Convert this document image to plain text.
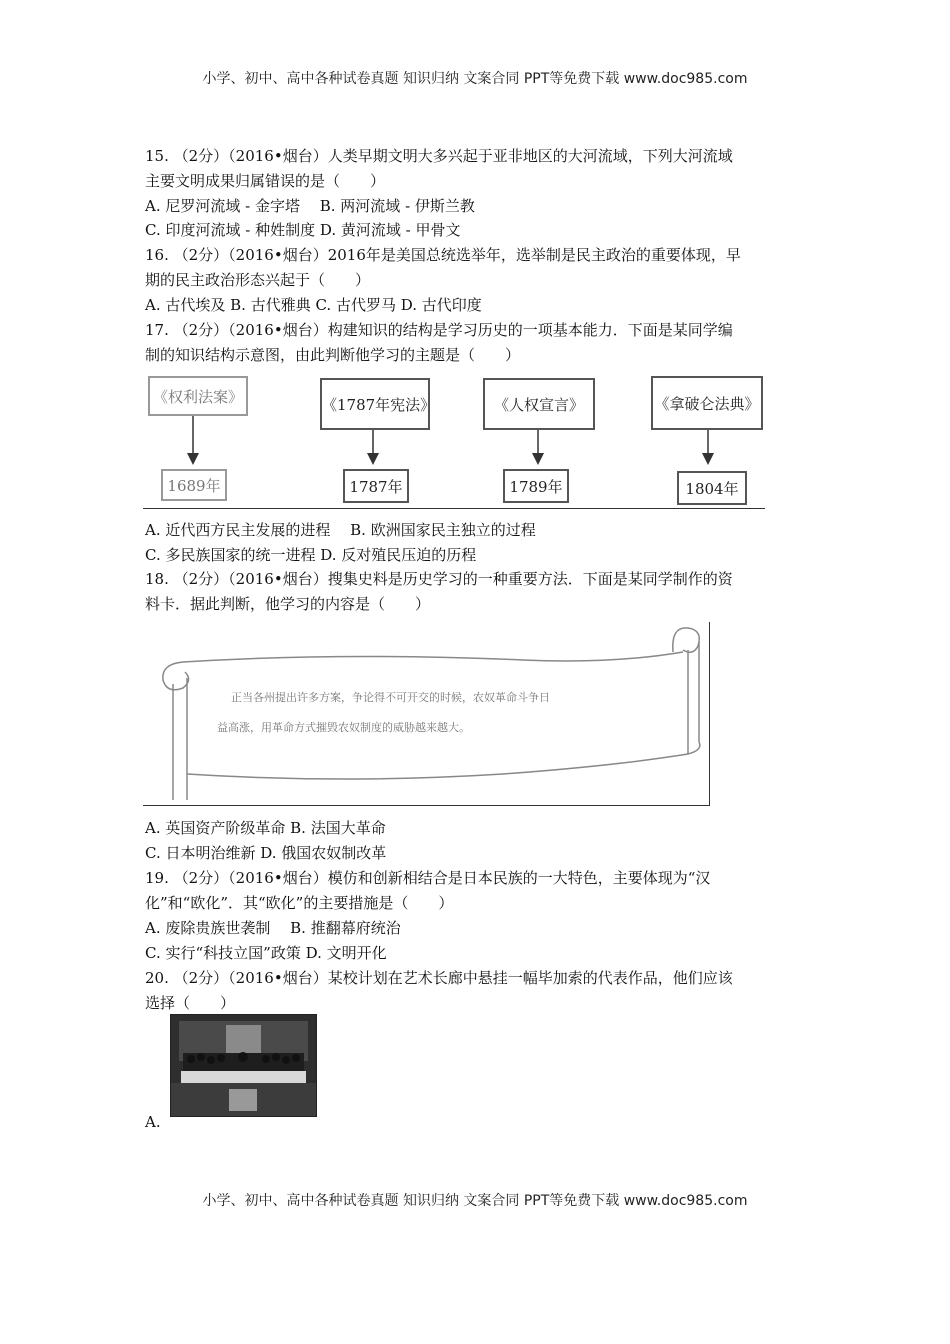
小学、初中、高中各种试卷真题 知识归纳 文案合同 PPT等免费下载 www.doc985.com
15. （2分）（2016•烟台）人类早期文明大多兴起于亚非地区的大河流域，下列大河流域
主要文明成果归属错误的是（　　）
A. 尼罗河流域 - 金字塔　 B. 两河流域 - 伊斯兰教
C. 印度河流域 - 种姓制度 D. 黄河流域 - 甲骨文
16. （2分）（2016•烟台）2016年是美国总统选举年，选举制是民主政治的重要体现，早
期的民主政治形态兴起于（　　）
A. 古代埃及 B. 古代雅典 C. 古代罗马 D. 古代印度
17. （2分）（2016•烟台）构建知识的结构是学习历史的一项基本能力．下面是某同学编
制的知识结构示意图，由此判断他学习的主题是（　　）
《权利法案》	《1787年宪法》	《人权宣言》	《拿破仑法典》
1689年	1787年	1789年	1804年
A. 近代西方民主发展的进程　 B. 欧洲国家民主独立的过程
C. 多民族国家的统一进程 D. 反对殖民压迫的历程
18. （2分）（2016•烟台）搜集史料是历史学习的一种重要方法．下面是某同学制作的资
料卡．据此判断，他学习的内容是（　　）
正当各州提出许多方案，争论得不可开交的时候，农奴革命斗争日
益高涨，用革命方式摧毁农奴制度的威胁越来越大。
A. 英国资产阶级革命 B. 法国大革命
C. 日本明治维新 D. 俄国农奴制改革
19. （2分）（2016•烟台）模仿和创新相结合是日本民族的一大特色，主要体现为“汉
化”和“欧化”．其“欧化”的主要措施是（　　）
A. 废除贵族世袭制　 B. 推翻幕府统治
C. 实行“科技立国”政策 D. 文明开化
20. （2分）（2016•烟台）某校计划在艺术长廊中悬挂一幅毕加索的代表作品，他们应该
选择（　　）
A.
小学、初中、高中各种试卷真题 知识归纳 文案合同 PPT等免费下载 www.doc985.com
